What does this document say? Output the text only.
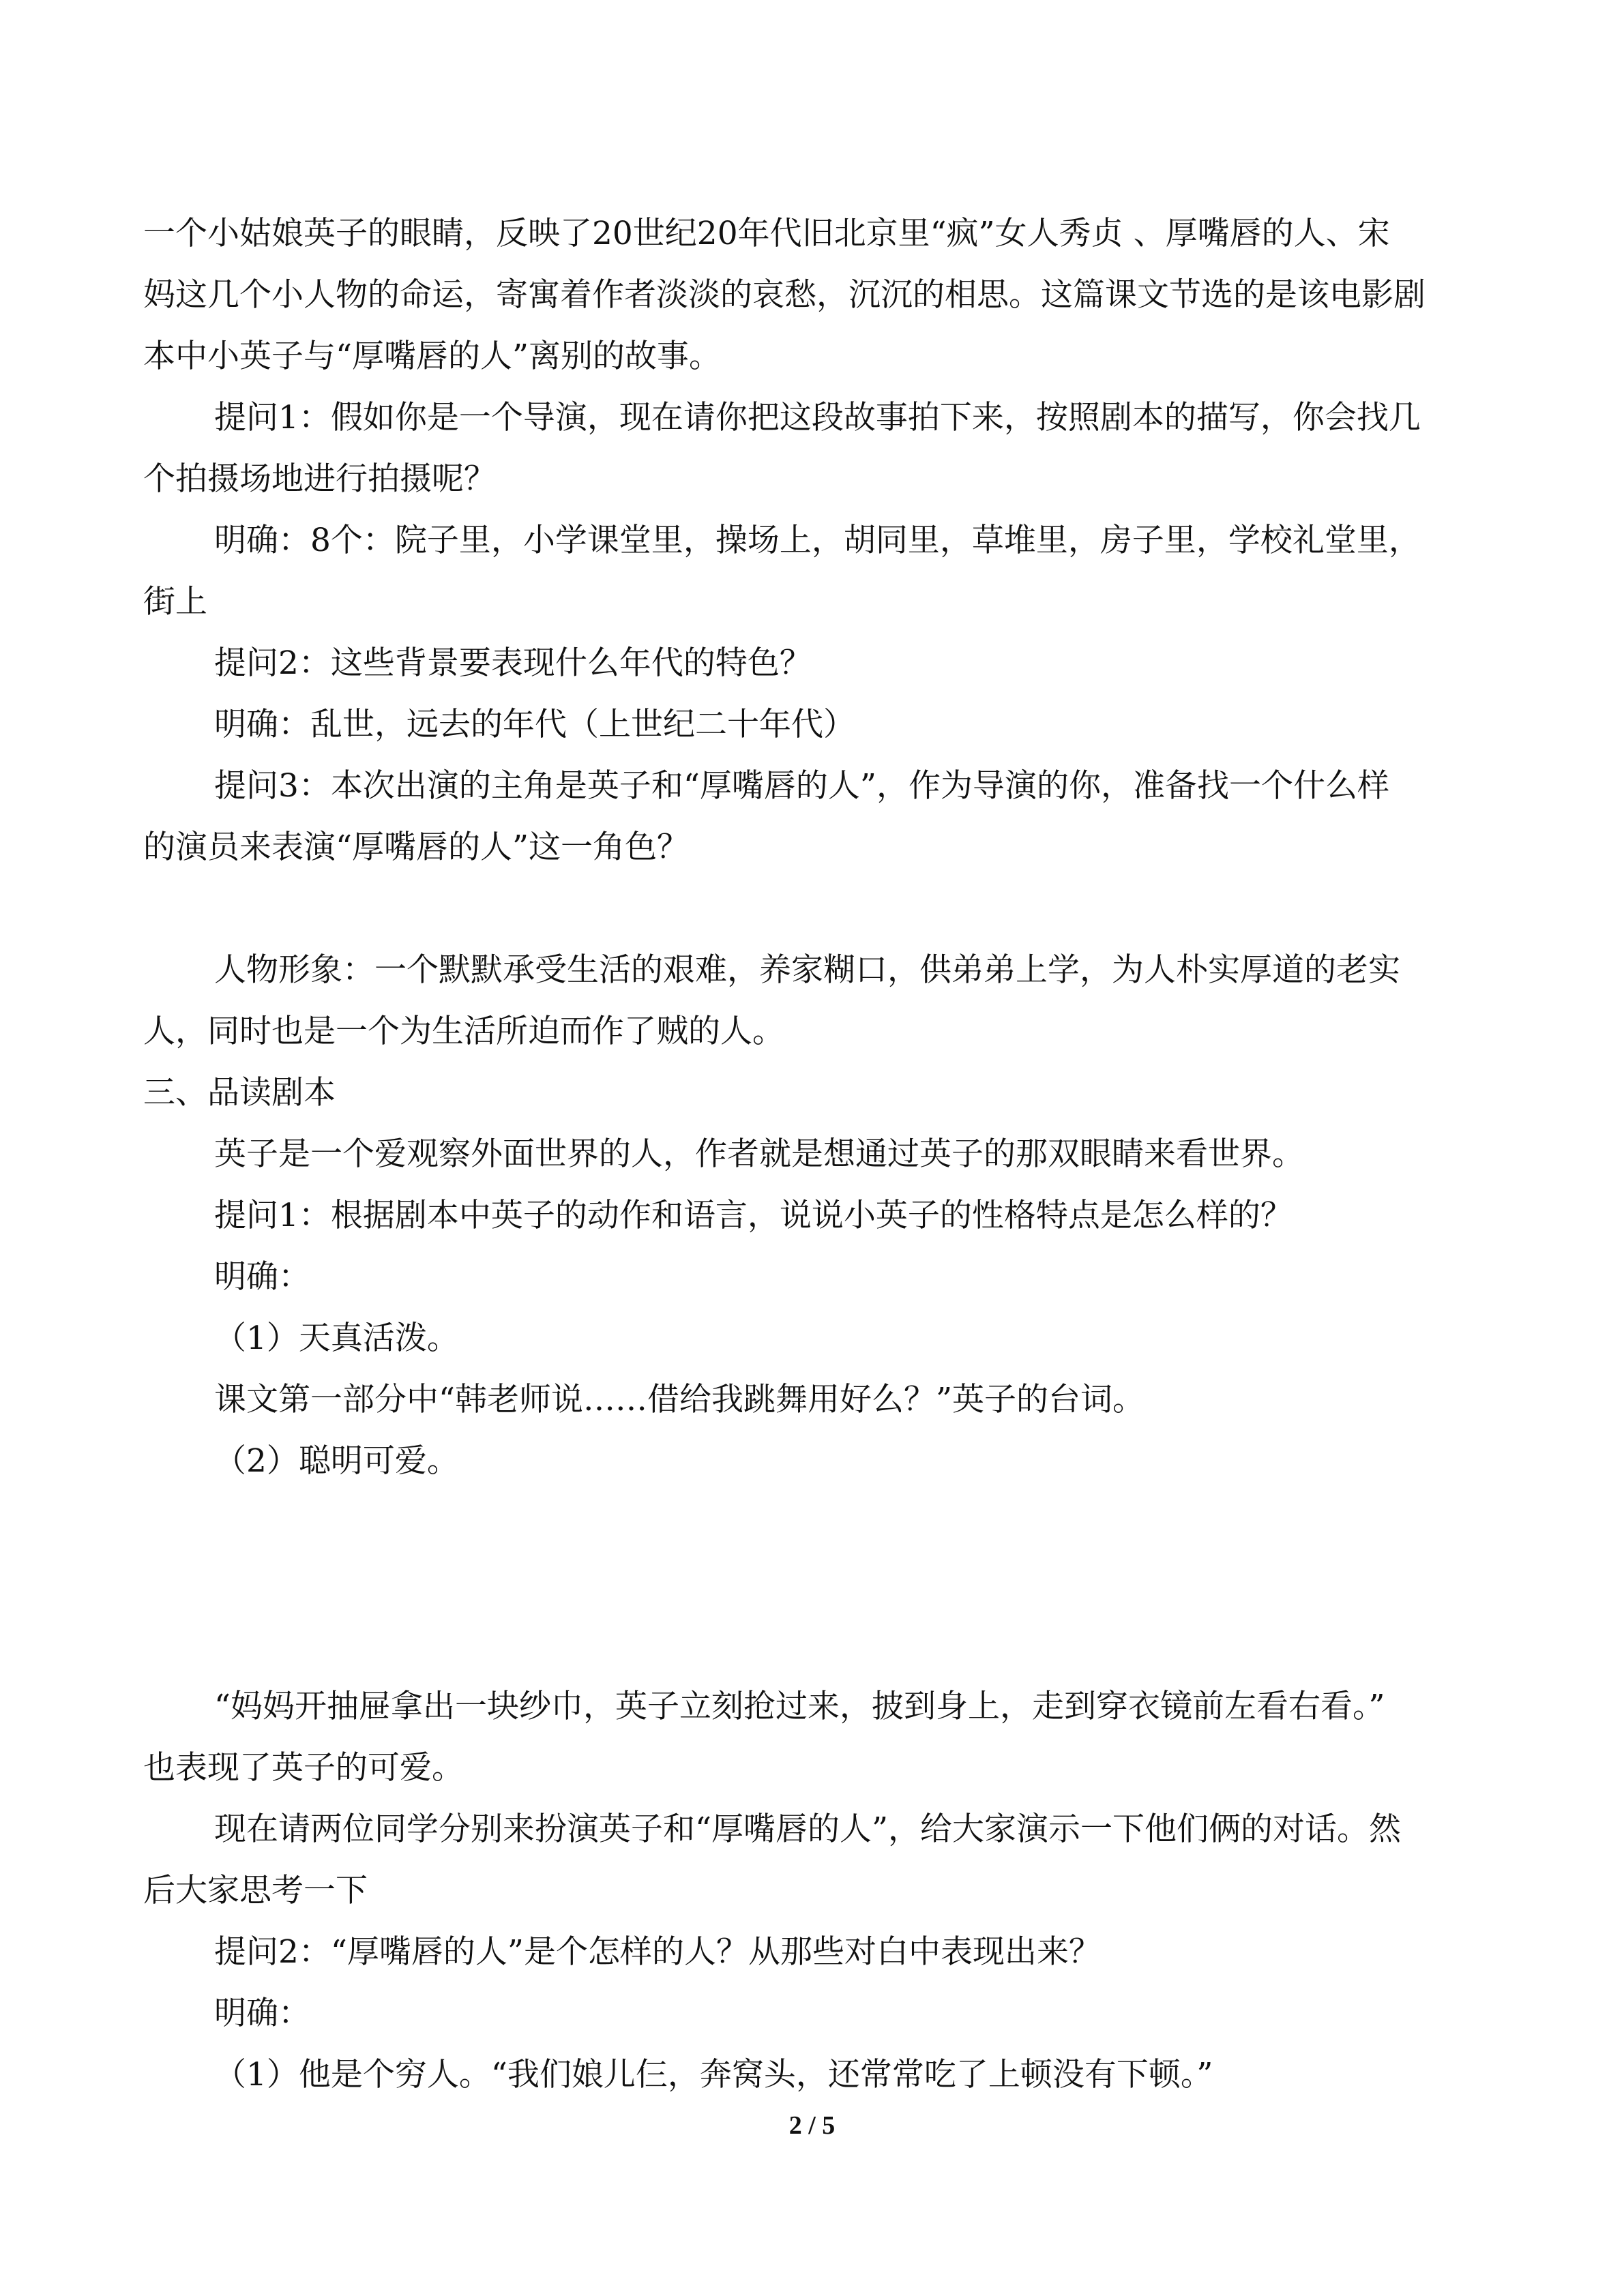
一个小姑娘英子的眼睛，反映了20世纪20年代旧北京里“疯”女人秀贞 、厚嘴唇的人、宋
妈这几个小人物的命运，寄寓着作者淡淡的哀愁，沉沉的相思。这篇课文节选的是该电影剧
本中小英子与“厚嘴唇的人”离别的故事。
提问1：假如你是一个导演，现在请你把这段故事拍下来，按照剧本的描写，你会找几
个拍摄场地进行拍摄呢？
明确：8个：院子里，小学课堂里，操场上，胡同里，草堆里，房子里，学校礼堂里，
街上
提问2：这些背景要表现什么年代的特色？
明确：乱世，远去的年代（上世纪二十年代）
提问3：本次出演的主角是英子和“厚嘴唇的人”，作为导演的你，准备找一个什么样
的演员来表演“厚嘴唇的人”这一角色？

人物形象：一个默默承受生活的艰难，养家糊口，供弟弟上学，为人朴实厚道的老实
人，同时也是一个为生活所迫而作了贼的人。
三、品读剧本
英子是一个爱观察外面世界的人，作者就是想通过英子的那双眼睛来看世界。
提问1：根据剧本中英子的动作和语言，说说小英子的性格特点是怎么样的？
明确：
（1）天真活泼。
课文第一部分中“韩老师说……借给我跳舞用好么？”英子的台词。
（2）聪明可爱。

“妈妈开抽屉拿出一块纱巾，英子立刻抢过来，披到身上，走到穿衣镜前左看右看。”
也表现了英子的可爱。
现在请两位同学分别来扮演英子和“厚嘴唇的人”，给大家演示一下他们俩的对话。然
后大家思考一下
提问2：“厚嘴唇的人”是个怎样的人？从那些对白中表现出来？
明确：
（1）他是个穷人。“我们娘儿仨，奔窝头，还常常吃了上顿没有下顿。”
2 / 5
